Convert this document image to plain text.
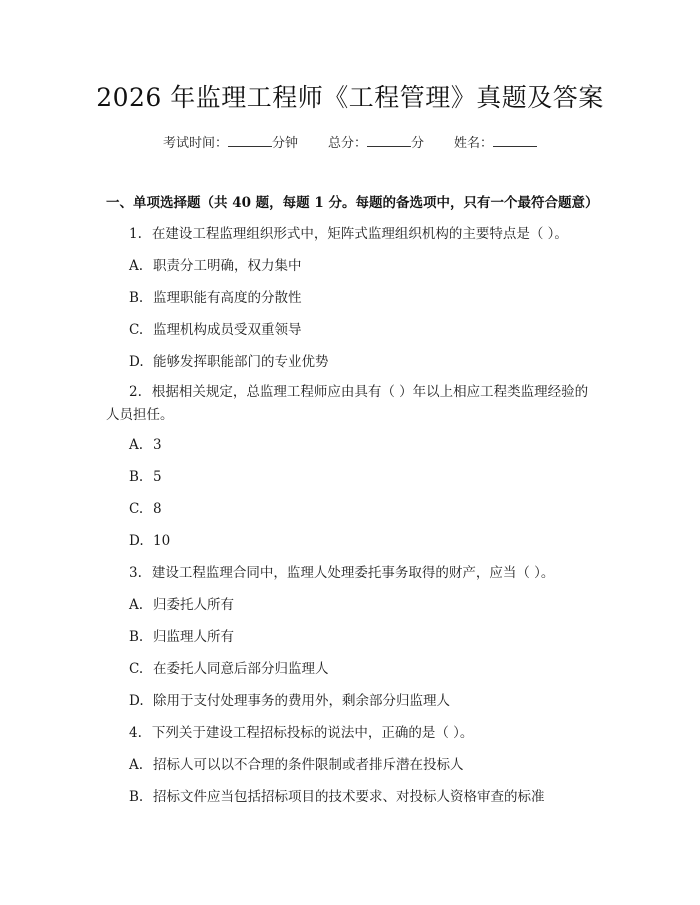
2026 年监理工程师《工程管理》真题及答案
考试时间：	分钟 总分：	分 姓名：
一、单项选择题（共 40 题，每题 1 分。每题的备选项中，只有一个最符合题意）
1. 在建设工程监理组织形式中，矩阵式监理组织机构的主要特点是（ ）。
A. 职责分工明确，权力集中
B. 监理职能有高度的分散性
C. 监理机构成员受双重领导
D. 能够发挥职能部门的专业优势
2. 根据相关规定，总监理工程师应由具有（ ）年以上相应工程类监理经验的人员担任。
A. 3
B. 5
C. 8
D. 10
3. 建设工程监理合同中，监理人处理委托事务取得的财产，应当（ ）。
A. 归委托人所有
B. 归监理人所有
C. 在委托人同意后部分归监理人
D. 除用于支付处理事务的费用外，剩余部分归监理人
4. 下列关于建设工程招标投标的说法中，正确的是（ ）。
A. 招标人可以以不合理的条件限制或者排斥潜在投标人
B. 招标文件应当包括招标项目的技术要求、对投标人资格审查的标准
